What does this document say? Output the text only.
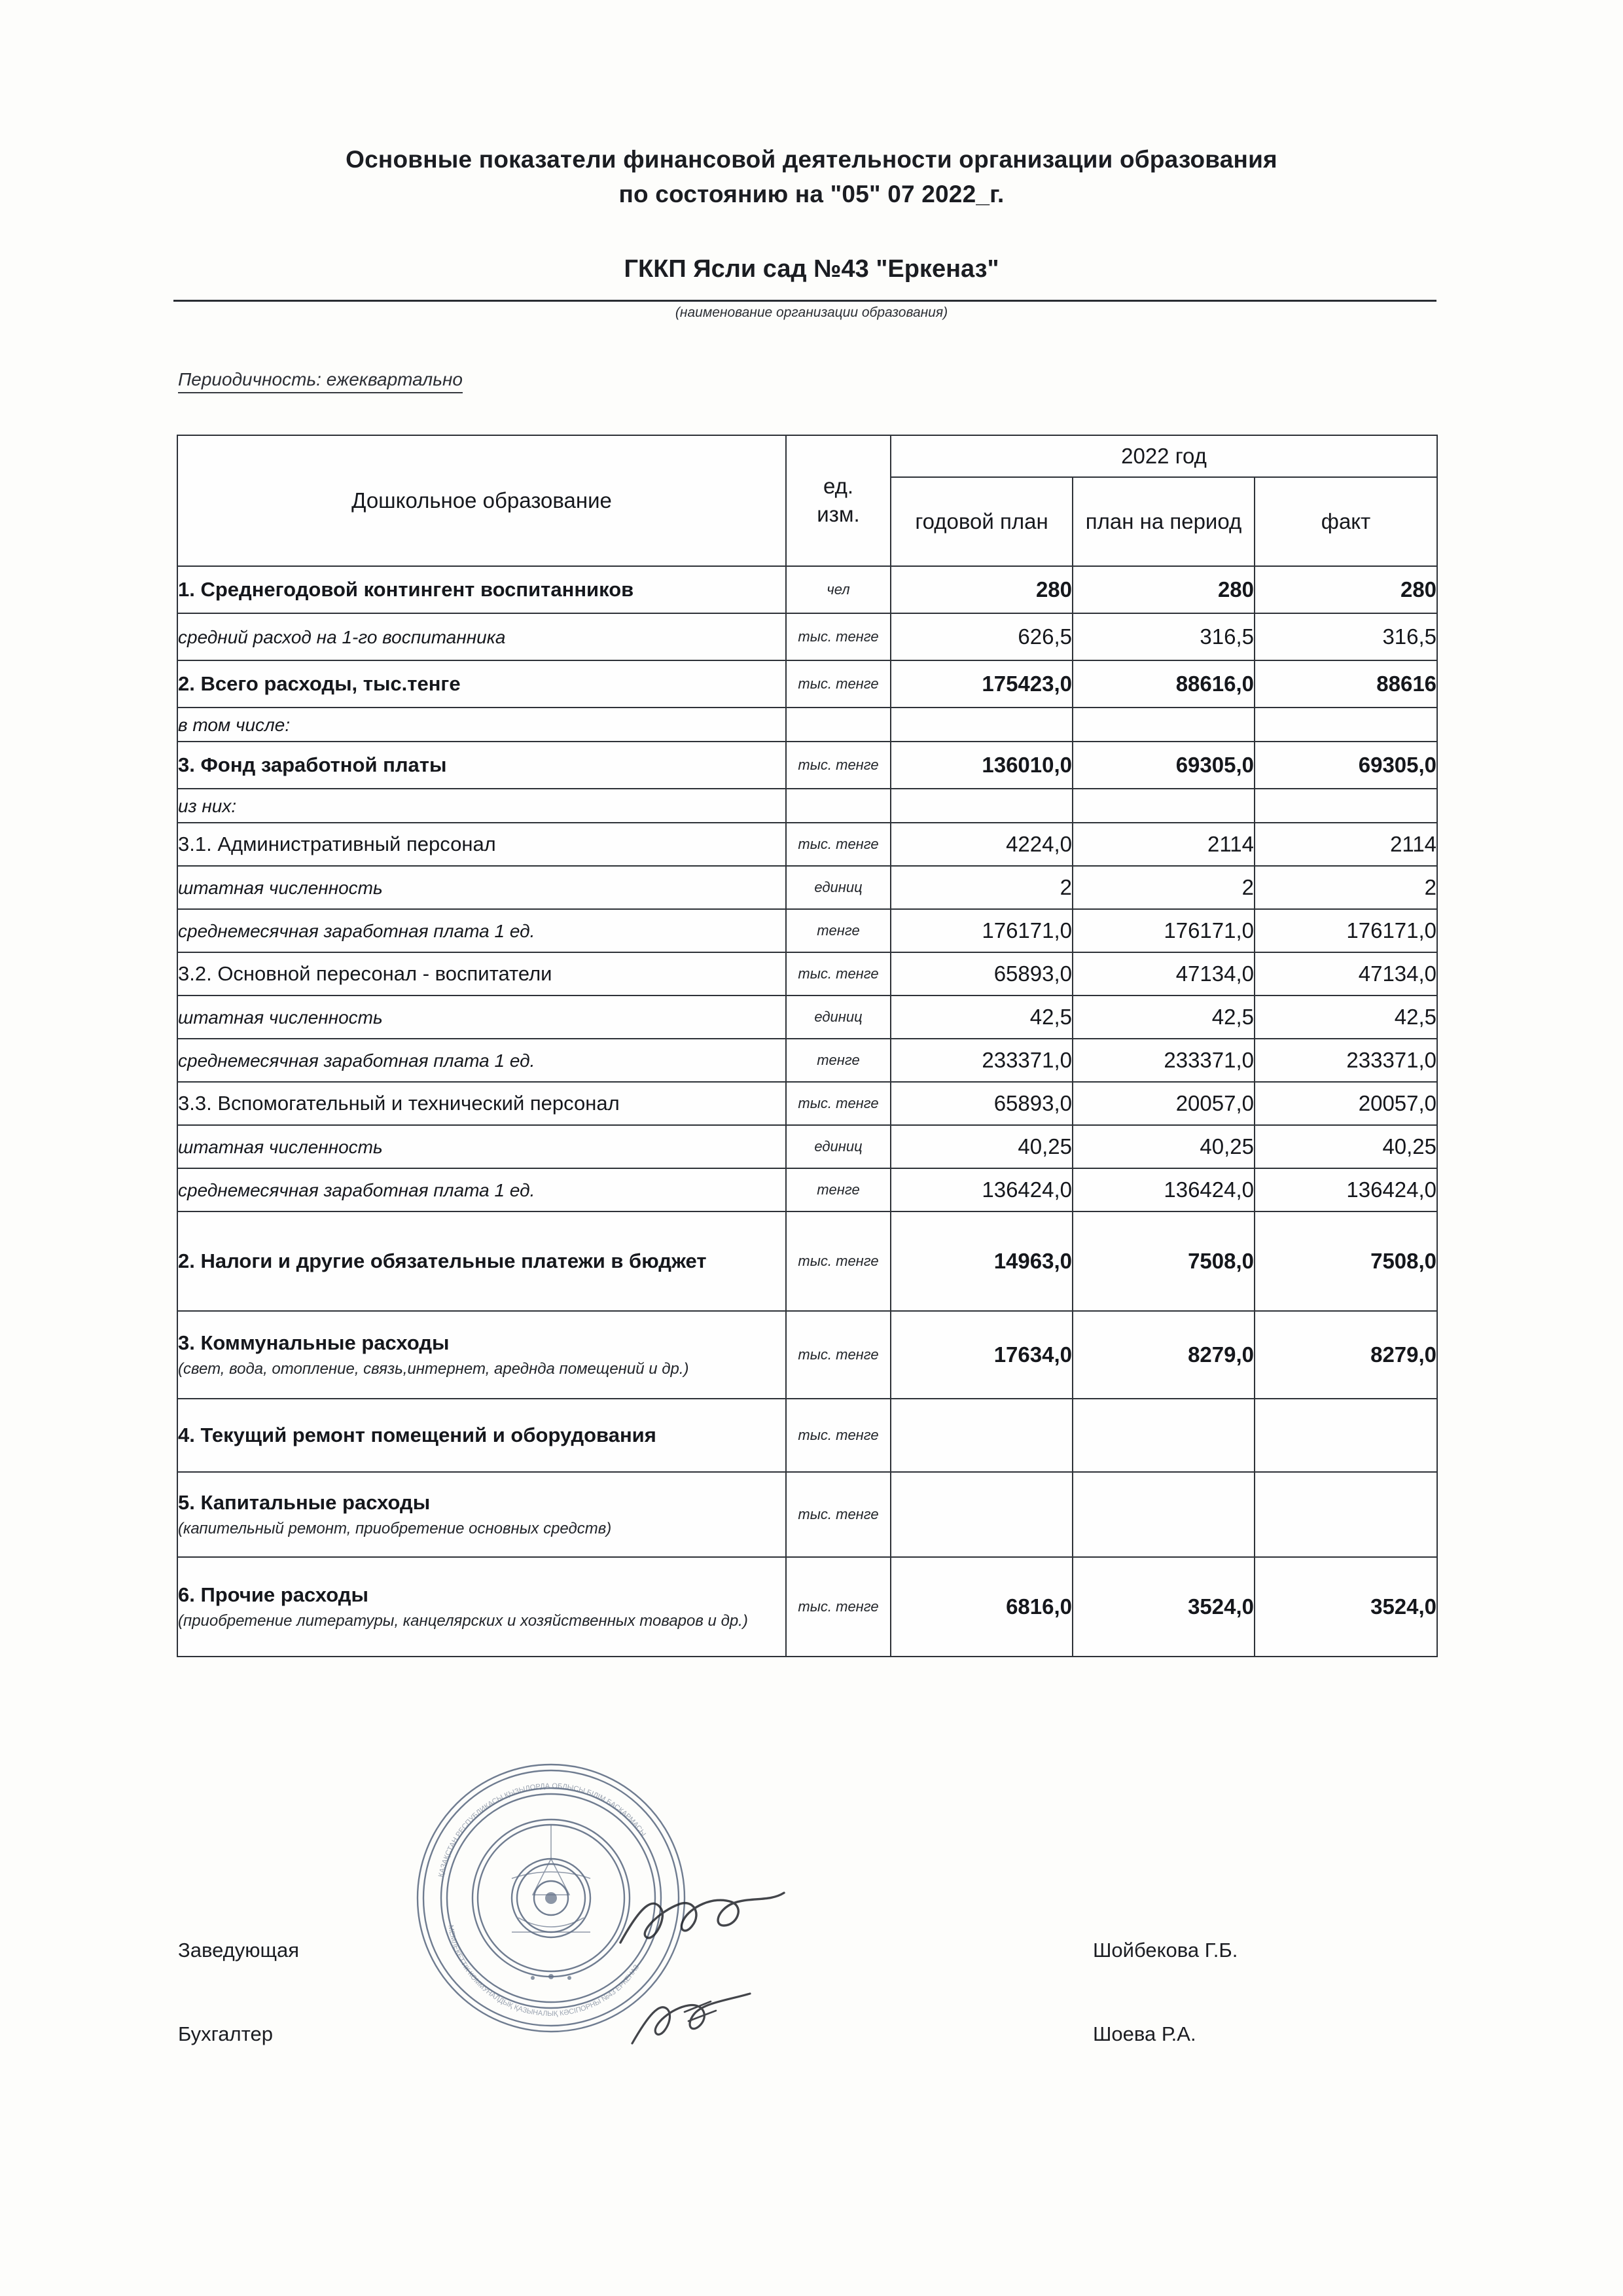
Основные показатели финансовой деятельности организации образования
по состоянию на "05" 07 2022_г.
ГККП Ясли сад №43 "Еркеназ"
(наименование организации образования)
Периодичность: ежеквартально
Дошкольное образование	ед.
изм.	2022 год		
		годовой план	план на период	факт
1. Среднегодовой контингент воспитанников	чел	280	280	280
средний расход на 1-го воспитанника	тыс. тенге	626,5	316,5	316,5
2. Всего расходы, тыс.тенге	тыс. тенге	175423,0	88616,0	88616
в том числе:				
3. Фонд заработной платы	тыс. тенге	136010,0	69305,0	69305,0
из них:				
3.1. Административный персонал	тыс. тенге	4224,0	2114	2114
штатная численность	единиц	2	2	2
среднемесячная заработная плата 1 ед.	тенге	176171,0	176171,0	176171,0
3.2. Основной пересонал - воспитатели	тыс. тенге	65893,0	47134,0	47134,0
штатная численность	единиц	42,5	42,5	42,5
среднемесячная заработная плата 1 ед.	тенге	233371,0	233371,0	233371,0
3.3. Вспомогательный и технический персонал	тыс. тенге	65893,0	20057,0	20057,0
штатная численность	единиц	40,25	40,25	40,25
среднемесячная заработная плата 1 ед.	тенге	136424,0	136424,0	136424,0
2. Налоги и другие обязательные платежи в бюджет	тыс. тенге	14963,0	7508,0	7508,0
3. Коммунальные расходы
(свет, вода, отопление, связь,интернет, аредндa помещений и др.)	тыс. тенге	17634,0	8279,0	8279,0
4. Текущий ремонт помещений и оборудования	тыс. тенге			
5. Капитальные расходы
(капительный ремонт, приобретение основных средств)	тыс. тенге			
6. Прочие расходы
(приобретение литературы, канцелярских и хозяйственных товаров и др.)	тыс. тенге	6816,0	3524,0	3524,0
Заведующая	Шойбекова Г.Б.
Бухгалтер	Шоева Р.А.
ҚАЗАҚСТАН РЕСПУБЛИКАСЫ ҚЫЗЫЛОРДА ОБЛЫСЫ БІЛІМ БАСҚАРМАСЫ
МЕМЛЕКЕТТІК КОММУНАЛДЫҚ ҚАЗЫНАЛЫҚ КӘСІПОРНЫ №43 ЕРКЕНАЗ
